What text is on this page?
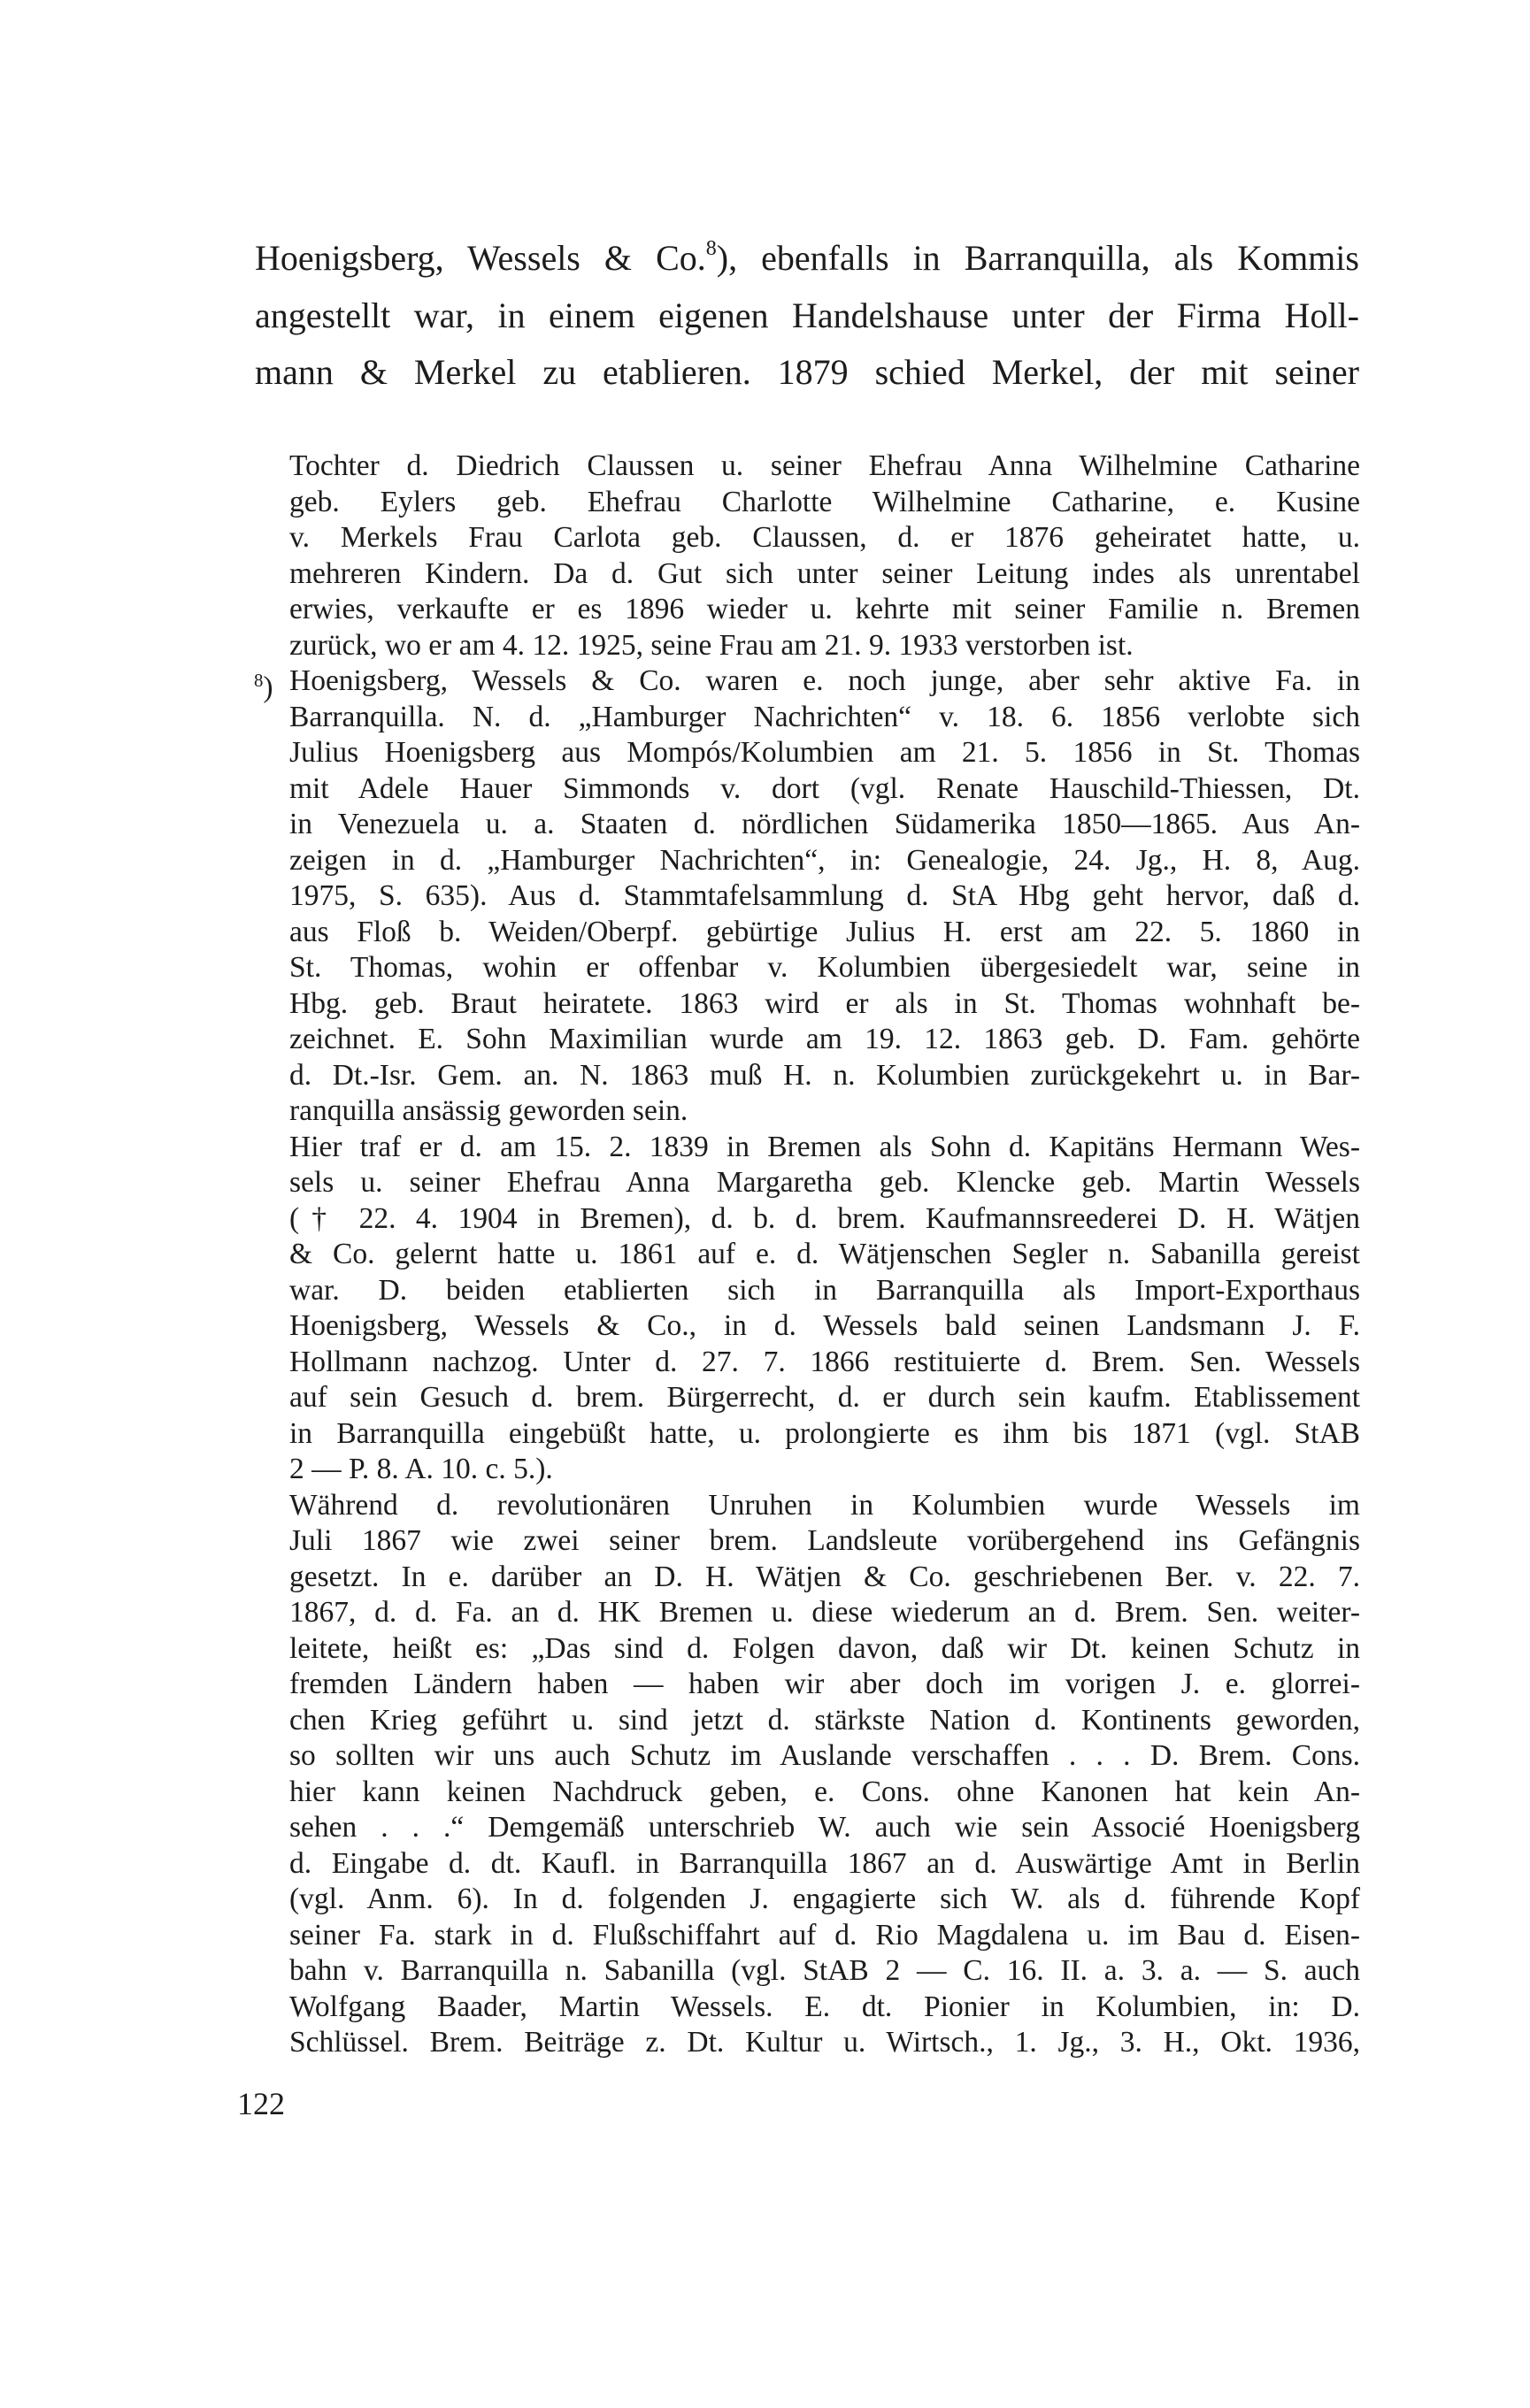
Hoenigsberg, Wessels & Co.$^8$), ebenfalls in Barranquilla, als Kommis
angestellt war, in einem eigenen Handelshause unter der Firma Holl-
mann & Merkel zu etablieren. 1879 schied Merkel, der mit seiner
Tochter d. Diedrich Claussen u. seiner Ehefrau Anna Wilhelmine Catharine
geb. Eylers geb. Ehefrau Charlotte Wilhelmine Catharine, e. Kusine
v. Merkels Frau Carlota geb. Claussen, d. er 1876 geheiratet hatte, u.
mehreren Kindern. Da d. Gut sich unter seiner Leitung indes als unrentabel
erwies, verkaufte er es 1896 wieder u. kehrte mit seiner Familie n. Bremen
zurück, wo er am 4. 12. 1925, seine Frau am 21. 9. 1933 verstorben ist.
$^8$) Hoenigsberg, Wessels & Co. waren e. noch junge, aber sehr aktive Fa. in
Barranquilla. N. d. „Hamburger Nachrichten“ v. 18. 6. 1856 verlobte sich
Julius Hoenigsberg aus Mompós/Kolumbien am 21. 5. 1856 in St. Thomas
mit Adele Hauer Simmonds v. dort (vgl. Renate Hauschild-Thiessen, Dt.
in Venezuela u. a. Staaten d. nördlichen Südamerika 1850—1865. Aus An-
zeigen in d. „Hamburger Nachrichten“, in: Genealogie, 24. Jg., H. 8, Aug.
1975, S. 635). Aus d. Stammtafelsammlung d. StA Hbg geht hervor, daß d.
aus Floß b. Weiden/Oberpf. gebürtige Julius H. erst am 22. 5. 1860 in
St. Thomas, wohin er offenbar v. Kolumbien übergesiedelt war, seine in
Hbg. geb. Braut heiratete. 1863 wird er als in St. Thomas wohnhaft be-
zeichnet. E. Sohn Maximilian wurde am 19. 12. 1863 geb. D. Fam. gehörte
d. Dt.-Isr. Gem. an. N. 1863 muß H. n. Kolumbien zurückgekehrt u. in Bar-
ranquilla ansässig geworden sein.
Hier traf er d. am 15. 2. 1839 in Bremen als Sohn d. Kapitäns Hermann Wes-
sels u. seiner Ehefrau Anna Margaretha geb. Klencke geb. Martin Wessels
(† 22. 4. 1904 in Bremen), d. b. d. brem. Kaufmannsreederei D. H. Wätjen
& Co. gelernt hatte u. 1861 auf e. d. Wätjenschen Segler n. Sabanilla gereist
war. D. beiden etablierten sich in Barranquilla als Import-Exporthaus
Hoenigsberg, Wessels & Co., in d. Wessels bald seinen Landsmann J. F.
Hollmann nachzog. Unter d. 27. 7. 1866 restituierte d. Brem. Sen. Wessels
auf sein Gesuch d. brem. Bürgerrecht, d. er durch sein kaufm. Etablissement
in Barranquilla eingebüßt hatte, u. prolongierte es ihm bis 1871 (vgl. StAB
2 — P. 8. A. 10. c. 5.).
Während d. revolutionären Unruhen in Kolumbien wurde Wessels im
Juli 1867 wie zwei seiner brem. Landsleute vorübergehend ins Gefängnis
gesetzt. In e. darüber an D. H. Wätjen & Co. geschriebenen Ber. v. 22. 7.
1867, d. d. Fa. an d. HK Bremen u. diese wiederum an d. Brem. Sen. weiter-
leitete, heißt es: „Das sind d. Folgen davon, daß wir Dt. keinen Schutz in
fremden Ländern haben — haben wir aber doch im vorigen J. e. glorrei-
chen Krieg geführt u. sind jetzt d. stärkste Nation d. Kontinents geworden,
so sollten wir uns auch Schutz im Auslande verschaffen . . . D. Brem. Cons.
hier kann keinen Nachdruck geben, e. Cons. ohne Kanonen hat kein An-
sehen . . .“ Demgemäß unterschrieb W. auch wie sein Associé Hoenigsberg
d. Eingabe d. dt. Kaufl. in Barranquilla 1867 an d. Auswärtige Amt in Berlin
(vgl. Anm. 6). In d. folgenden J. engagierte sich W. als d. führende Kopf
seiner Fa. stark in d. Flußschiffahrt auf d. Rio Magdalena u. im Bau d. Eisen-
bahn v. Barranquilla n. Sabanilla (vgl. StAB 2 — C. 16. II. a. 3. a. — S. auch
Wolfgang Baader, Martin Wessels. E. dt. Pionier in Kolumbien, in: D.
Schlüssel. Brem. Beiträge z. Dt. Kultur u. Wirtsch., 1. Jg., 3. H., Okt. 1936,
122
